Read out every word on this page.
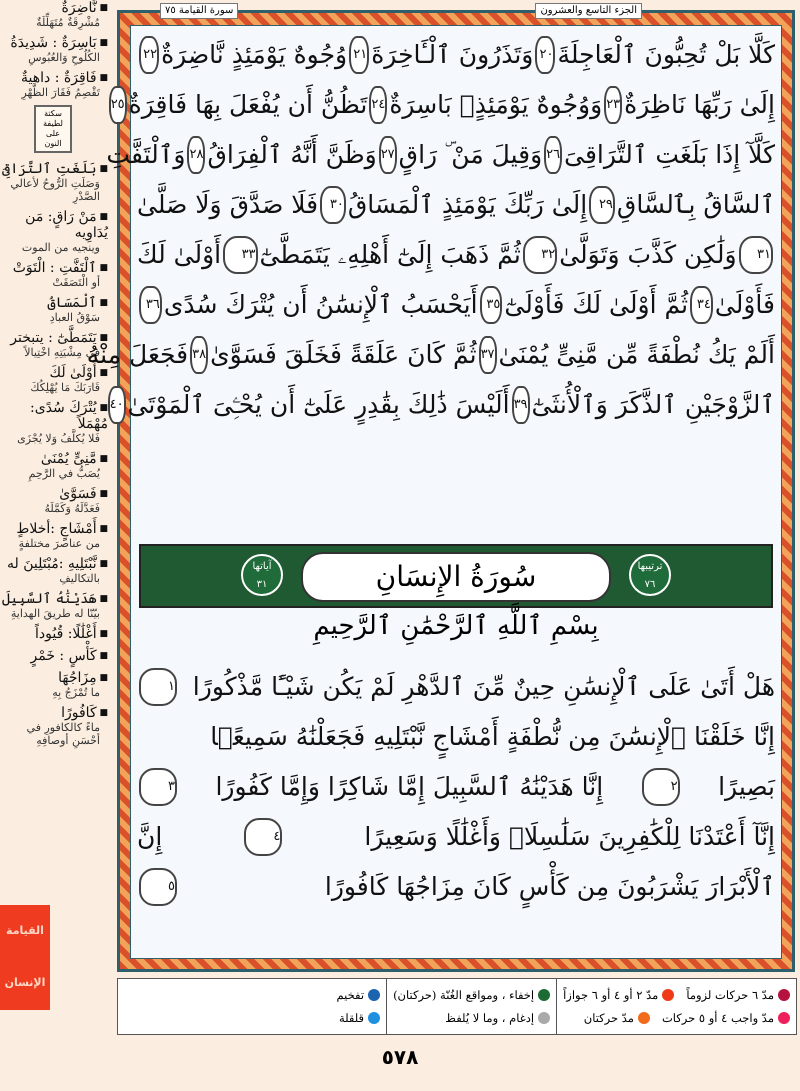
■ نَّاضِرَةٌ
مُشْرِقَةٌ مُتَهَلِّلَةٌ
■ بَاسِرَةٌ : شَدِيدَةُ
الكُلُوحِ وَالعُبُوسِ
■ فَاقِرَةٌ : داهيةٌ
تَقْصِمُ فَقَارَ الظَّهْرِ
سكتة لطيفة على النون
■ بَلَغَتِ ٱلتَّرَاقِىَ
وَصَلَتِ الرُّوحُ لأعالي الصَّدْرِ
■ مَنْ رَاقٍ: مَن يُدَاوِيه
وينجيه من الموت
■ ٱلْتَفَّتِ : الْتَوَتْ
أو الْتَصَقَتْ
■ ٱلْمَسَاقُ
سَوْقُ العبادِ
■ يَتَمَطَّىٰٓ : يتبختر
في مِشْيَتِهِ اخْتِيالاً
■ أَوْلَىٰ لَكَ
قَارَبَكَ مَا يُهْلِكُكَ
■ يُتْرَكَ سُدًى: مُهْمَلاً
فَلا يُكلَّفُ وَلا يُجْزَى
■ مَّنِىٍّ يُمْنَىٰ
يُصَبُّ في الرَّحِمِ
■ فَسَوَّىٰ
فَعَدَّلَهُ وَكَمَّلَهُ
■ أَمْشَاجٍ :أخلاطٍ
من عناصرَ مختلفةٍ
■ نَّبْتَلِيهِ :مُبْتَلِينَ له
بالتكاليفِ
■ هَدَيْنَٰهُ ٱلسَّبِيلَ
بيّنّا له طريقَ الهدايةِ
■ أَغْلَٰلًا: قُيُوداً
■ كَأْسٍ : خَمْرٍ
■ مِزَاجُهَا
ما تُمْزَجُ بِهِ
■ كَافُورًا
ماءً كالكافورِ في أحْسَنِ أوصافِهِ
القيامة
الإنسان
سورة القيامة ٧٥	الجزء التاسع والعشرون
كَلَّا بَلْ تُحِبُّونَ ٱلْعَاجِلَةَ
٢٠
وَتَذَرُونَ ٱلْـَٔاخِرَةَ
٢١
وُجُوهٌ يَوْمَئِذٍ نَّاضِرَةٌ
٢٢
إِلَىٰ رَبِّهَا نَاظِرَةٌ
٢٣
وَوُجُوهٌ يَوْمَئِذٍۭ بَاسِرَةٌ
٢٤
تَظُنُّ أَن يُفْعَلَ بِهَا فَاقِرَةٌ
٢٥
كَلَّآ إِذَا بَلَغَتِ ٱلتَّرَاقِىَ
٢٦
وَقِيلَ مَنْ ۜ رَاقٍ
٢٧
وَظَنَّ أَنَّهُ ٱلْفِرَاقُ
٢٨
وَٱلْتَفَّتِ
ٱلسَّاقُ بِٱلسَّاقِ
٢٩
إِلَىٰ رَبِّكَ يَوْمَئِذٍ ٱلْمَسَاقُ
٣٠
فَلَا صَدَّقَ وَلَا صَلَّىٰ
٣١
وَلَٰكِن كَذَّبَ وَتَوَلَّىٰ
٣٢
ثُمَّ ذَهَبَ إِلَىٰٓ أَهْلِهِۦ يَتَمَطَّىٰٓ
٣٣
أَوْلَىٰ لَكَ
فَأَوْلَىٰ
٣٤
ثُمَّ أَوْلَىٰ لَكَ فَأَوْلَىٰٓ
٣٥
أَيَحْسَبُ ٱلْإِنسَٰنُ أَن يُتْرَكَ سُدًى
٣٦
أَلَمْ يَكُ نُطْفَةً مِّن مَّنِىٍّ يُمْنَىٰ
٣٧
ثُمَّ كَانَ عَلَقَةً فَخَلَقَ فَسَوَّىٰ
٣٨
فَجَعَلَ مِنْهُ
ٱلزَّوْجَيْنِ ٱلذَّكَرَ وَٱلْأُنثَىٰٓ
٣٩
أَلَيْسَ ذَٰلِكَ بِقَٰدِرٍ عَلَىٰٓ أَن يُحْـِۧىَ ٱلْمَوْتَىٰ
٤٠
آياتها
٣١	سُورَةُ الإِنسَانِ	ترتيبها
٧٦
بِسْمِ ٱللَّهِ ٱلرَّحْمَٰنِ ٱلرَّحِيمِ
هَلْ أَتَىٰ عَلَى ٱلْإِنسَٰنِ حِينٌ مِّنَ ٱلدَّهْرِ لَمْ يَكُن شَيْـًٔا مَّذْكُورًا
١
إِنَّا خَلَقْنَا ٱلْإِنسَٰنَ مِن نُّطْفَةٍ أَمْشَاجٍ نَّبْتَلِيهِ فَجَعَلْنَٰهُ سَمِيعًۢا
بَصِيرًا
٢
إِنَّا هَدَيْنَٰهُ ٱلسَّبِيلَ إِمَّا شَاكِرًا وَإِمَّا كَفُورًا
٣
إِنَّآ أَعْتَدْنَا لِلْكَٰفِرِينَ سَلَٰسِلَا۟ وَأَغْلَٰلًا وَسَعِيرًا
٤
إِنَّ
ٱلْأَبْرَارَ يَشْرَبُونَ مِن كَأْسٍ كَانَ مِزَاجُهَا كَافُورًا
٥
مدّ ٦ حركات لزوماً
مدّ ٢ أو ٤ أو ٦ جوازاً
مدّ واجب ٤ أو ٥ حركات
مدّ حركتان
إخفاء ، ومواقع الغُنّة (حركتان)
إدغام ، وما لا يُلفظ
تفخيم
قلقلة
٥٧٨
